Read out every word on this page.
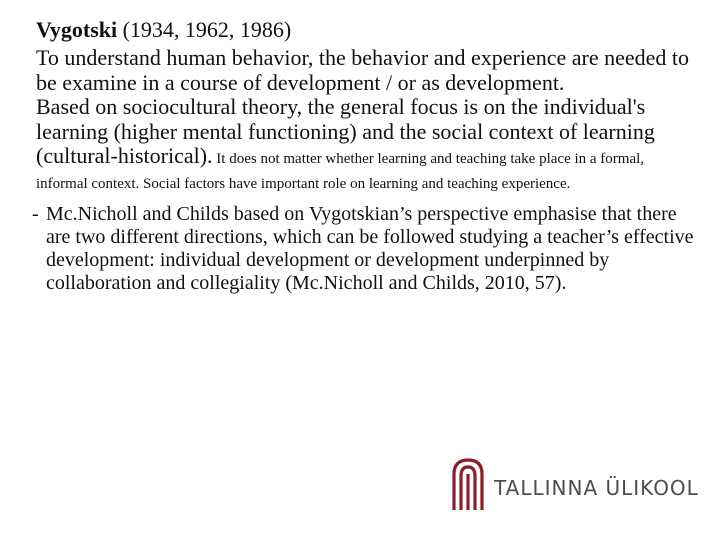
Vygotski (1934, 1962, 1986)

To understand human behavior, the behavior and experience are needed to be examine in a course of development / or as development.

Based on sociocultural theory, the general focus is on the individual's learning (higher mental functioning) and the social context of learning (cultural-historical). It does not matter whether learning and teaching take place in a formal, informal context. Social factors have important role on learning and teaching experience.

- Mc.Nicholl and Childs based on Vygotskian’s perspective emphasise that there are two different directions, which can be followed studying a teacher’s effective development: individual development or development underpinned by collaboration and collegiality (Mc.Nicholl and Childs, 2010, 57).
TALLINNA ÜLIKOOL
